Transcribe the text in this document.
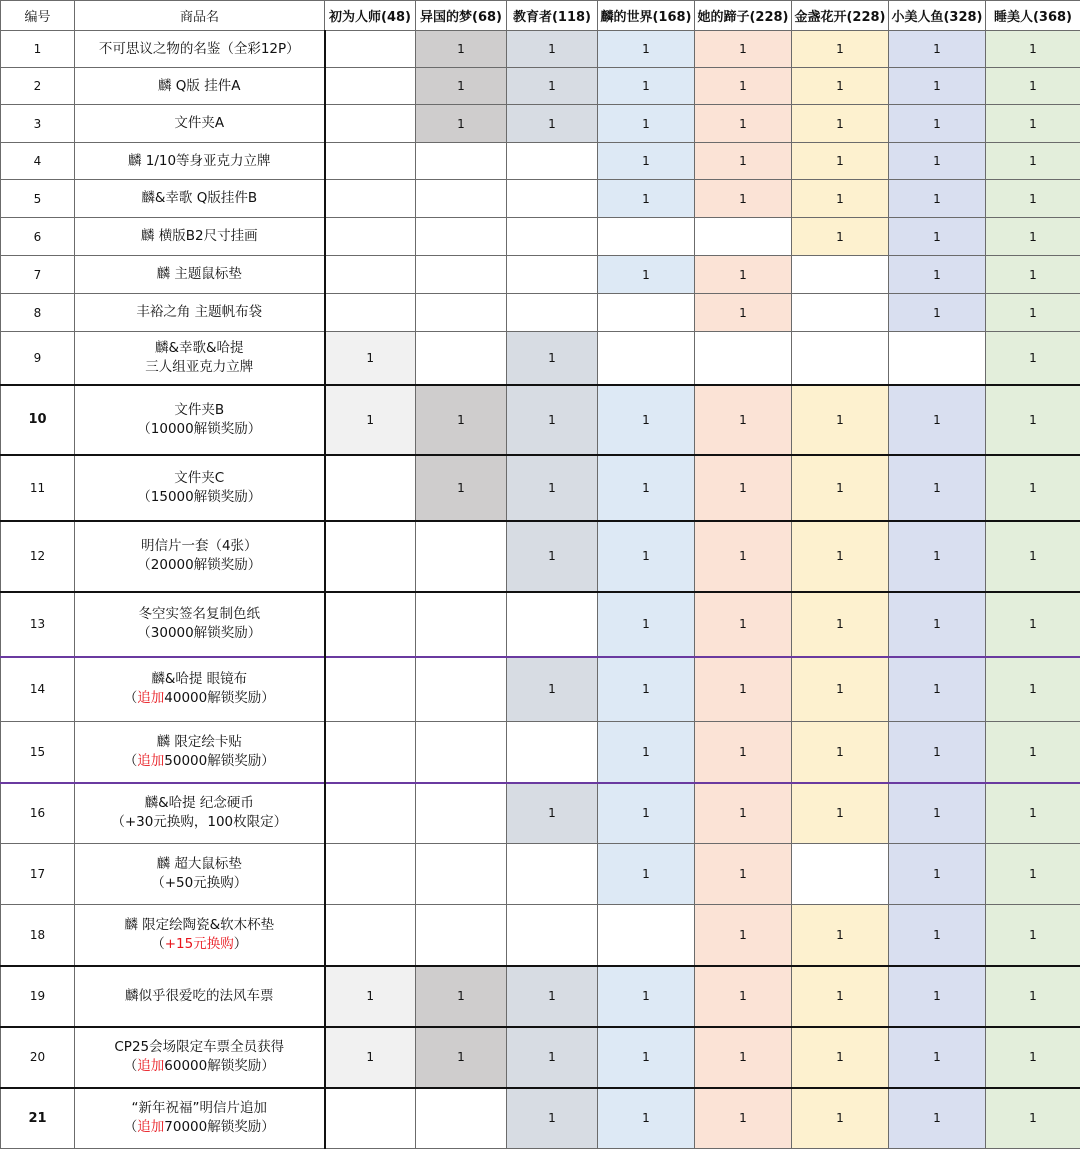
编号	商品名	初为人师(48)	异国的梦(68)	教育者(118)	麟的世界(168)	她的蹄子(228)	金盏花开(228)	小美人鱼(328)	睡美人(368)
1	不可思议之物的名鉴（全彩12P）		1	1	1	1	1	1	1
2	麟 Q版 挂件A		1	1	1	1	1	1	1
3	文件夹A		1	1	1	1	1	1	1
4	麟 1/10等身亚克力立牌				1	1	1	1	1
5	麟&幸歌 Q版挂件B				1	1	1	1	1
6	麟 横版B2尺寸挂画						1	1	1
7	麟 主题鼠标垫				1	1		1	1
8	丰裕之角 主题帆布袋					1		1	1
9	麟&幸歌&哈提
三人组亚克力立牌	1		1					1
10	文件夹B
（10000解锁奖励）	1	1	1	1	1	1	1	1
11	文件夹C
（15000解锁奖励）		1	1	1	1	1	1	1
12	明信片一套（4张）
（20000解锁奖励）			1	1	1	1	1	1
13	冬空实签名复制色纸
（30000解锁奖励）				1	1	1	1	1
14	麟&哈提 眼镜布
（追加40000解锁奖励）			1	1	1	1	1	1
15	麟 限定绘卡贴
（追加50000解锁奖励）				1	1	1	1	1
16	麟&哈提 纪念硬币
（+30元换购，100枚限定）			1	1	1	1	1	1
17	麟 超大鼠标垫
（+50元换购）				1	1		1	1
18	麟 限定绘陶瓷&软木杯垫
（+15元换购）					1	1	1	1
19	麟似乎很爱吃的法风车票	1	1	1	1	1	1	1	1
20	CP25会场限定车票全员获得
（追加60000解锁奖励）	1	1	1	1	1	1	1	1
21	“新年祝福”明信片追加
（追加70000解锁奖励）			1	1	1	1	1	1
